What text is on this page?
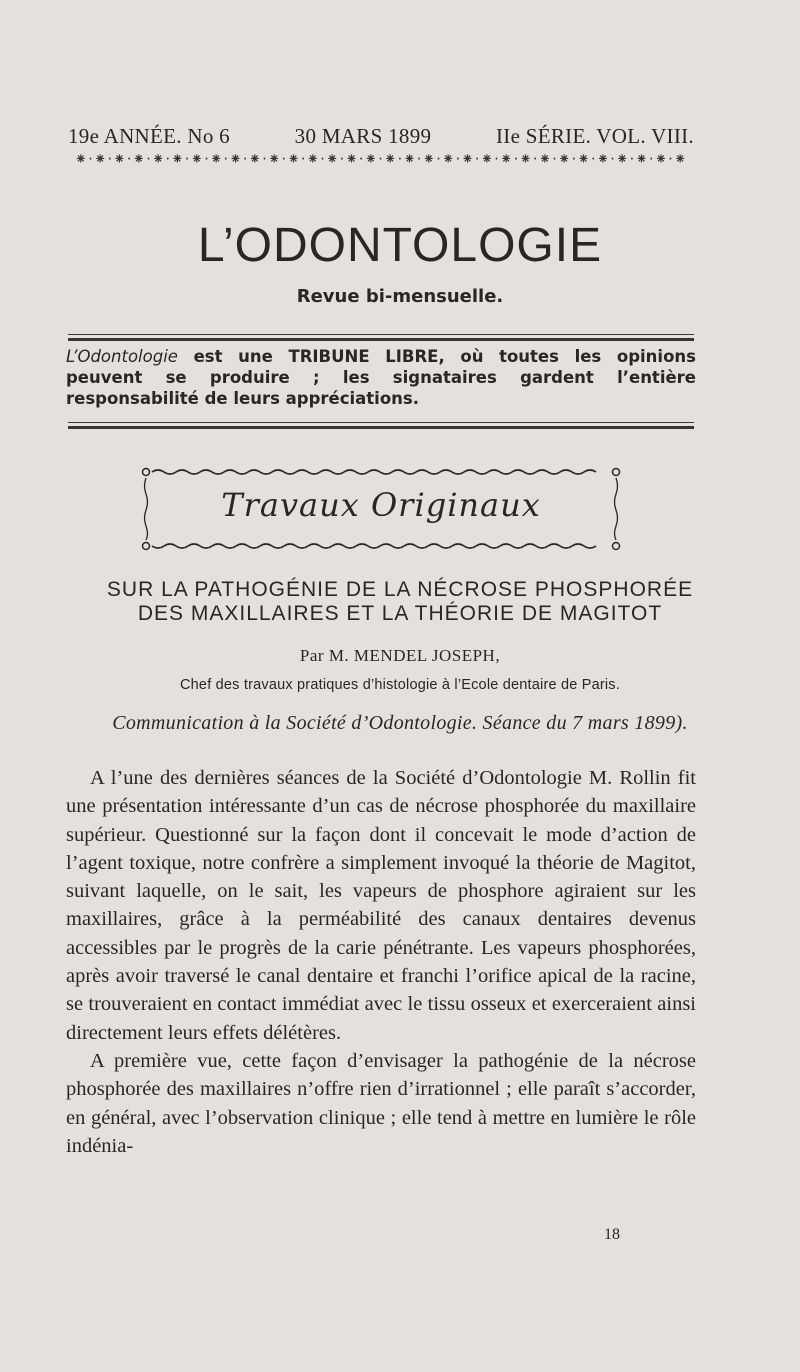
19e ANNÉE. No 6	30 MARS 1899	IIe SÉRIE. VOL. VIII.
⁕·⁕·⁕·⁕·⁕·⁕·⁕·⁕·⁕·⁕·⁕·⁕·⁕·⁕·⁕·⁕·⁕·⁕·⁕·⁕·⁕·⁕·⁕·⁕·⁕·⁕·⁕·⁕·⁕·⁕·⁕·⁕
L’ODONTOLOGIE
Revue bi-mensuelle.
L’Odontologie est une TRIBUNE LIBRE, où toutes les opinions peuvent se produire ; les signataires gardent l’entière responsabilité de leurs appréciations.
Travaux Originaux
SUR LA PATHOGÉNIE DE LA NÉCROSE PHOSPHORÉE
DES MAXILLAIRES ET LA THÉORIE DE MAGITOT
Par M. MENDEL JOSEPH,
Chef des travaux pratiques d’histologie à l’Ecole dentaire de Paris.
Communication à la Société d’Odontologie. Séance du 7 mars 1899).

A l’une des dernières séances de la Société d’Odontologie M. Rollin fit une présentation intéressante d’un cas de nécrose phosphorée du maxillaire supérieur. Questionné sur la façon dont il concevait le mode d’action de l’agent toxique, notre confrère a simplement invoqué la théorie de Magitot, suivant laquelle, on le sait, les vapeurs de phosphore agiraient sur les maxillaires, grâce à la perméabilité des canaux dentaires devenus accessibles par le progrès de la carie pénétrante. Les vapeurs phosphorées, après avoir traversé le canal dentaire et franchi l’orifice apical de la racine, se trouveraient en contact immédiat avec le tissu osseux et exerceraient ainsi directement leurs effets délétères.

A première vue, cette façon d’envisager la pathogénie de la nécrose phosphorée des maxillaires n’offre rien d’irrationnel ; elle paraît s’accorder, en général, avec l’observation clinique ; elle tend à mettre en lumière le rôle indénia-

18
